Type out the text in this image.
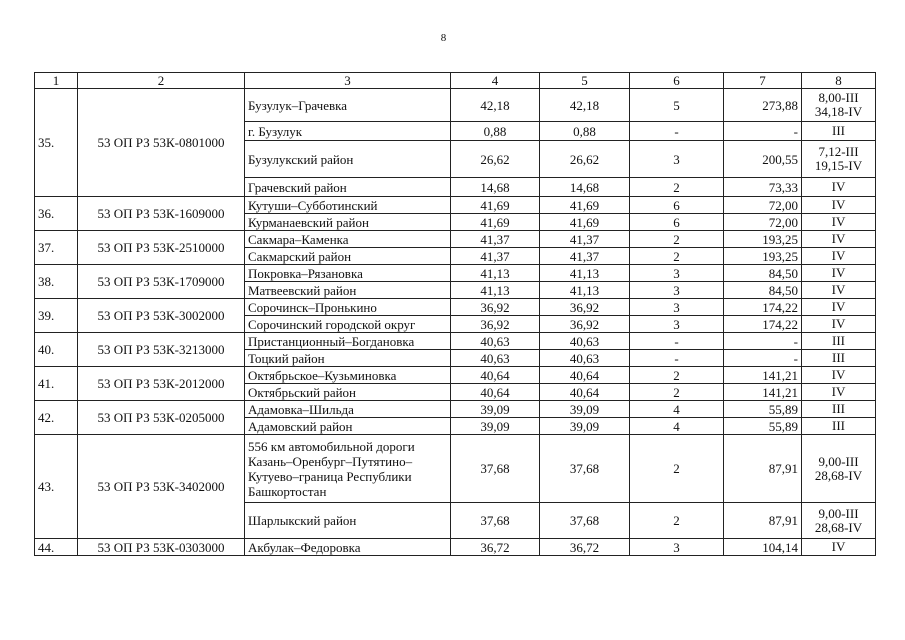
8
1	2	3	4	5	6	7	8
35.	53 ОП РЗ 53К-0801000	Бузулук–Грачевка	42,18	42,18	5	273,88	8,00-III
34,18-IV

		г. Бузулук	0,88	0,88	-	-	III

		Бузулукский район	26,62	26,62	3	200,55	7,12-III
19,15-IV

		Грачевский район	14,68	14,68	2	73,33	IV

36.	53 ОП РЗ 53К-1609000	Кутуши–Субботинский	41,69	41,69	6	72,00	IV

		Курманаевский район	41,69	41,69	6	72,00	IV

37.	53 ОП РЗ 53К-2510000	Сакмара–Каменка	41,37	41,37	2	193,25	IV

		Сакмарский район	41,37	41,37	2	193,25	IV

38.	53 ОП РЗ 53К-1709000	Покровка–Рязановка	41,13	41,13	3	84,50	IV

		Матвеевский район	41,13	41,13	3	84,50	IV

39.	53 ОП РЗ 53К-3002000	Сорочинск–Пронькино	36,92	36,92	3	174,22	IV

		Сорочинский городской округ	36,92	36,92	3	174,22	IV

40.	53 ОП РЗ 53К-3213000	Пристанционный–Богдановка	40,63	40,63	-	-	III

		Тоцкий район	40,63	40,63	-	-	III

41.	53 ОП РЗ 53К-2012000	Октябрьское–Кузьминовка	40,64	40,64	2	141,21	IV

		Октябрьский район	40,64	40,64	2	141,21	IV

42.	53 ОП РЗ 53К-0205000	Адамовка–Шильда	39,09	39,09	4	55,89	III

		Адамовский район	39,09	39,09	4	55,89	III

43.	53 ОП РЗ 53К-3402000	556 км автомобильной дороги Казань–Оренбург–Путятино–Кутуево–граница Республики Башкортостан	37,68	37,68	2	87,91	9,00-III
28,68-IV

		Шарлыкский район	37,68	37,68	2	87,91	9,00-III
28,68-IV

44.	53 ОП РЗ 53К-0303000	Акбулак–Федоровка	36,72	36,72	3	104,14	IV
